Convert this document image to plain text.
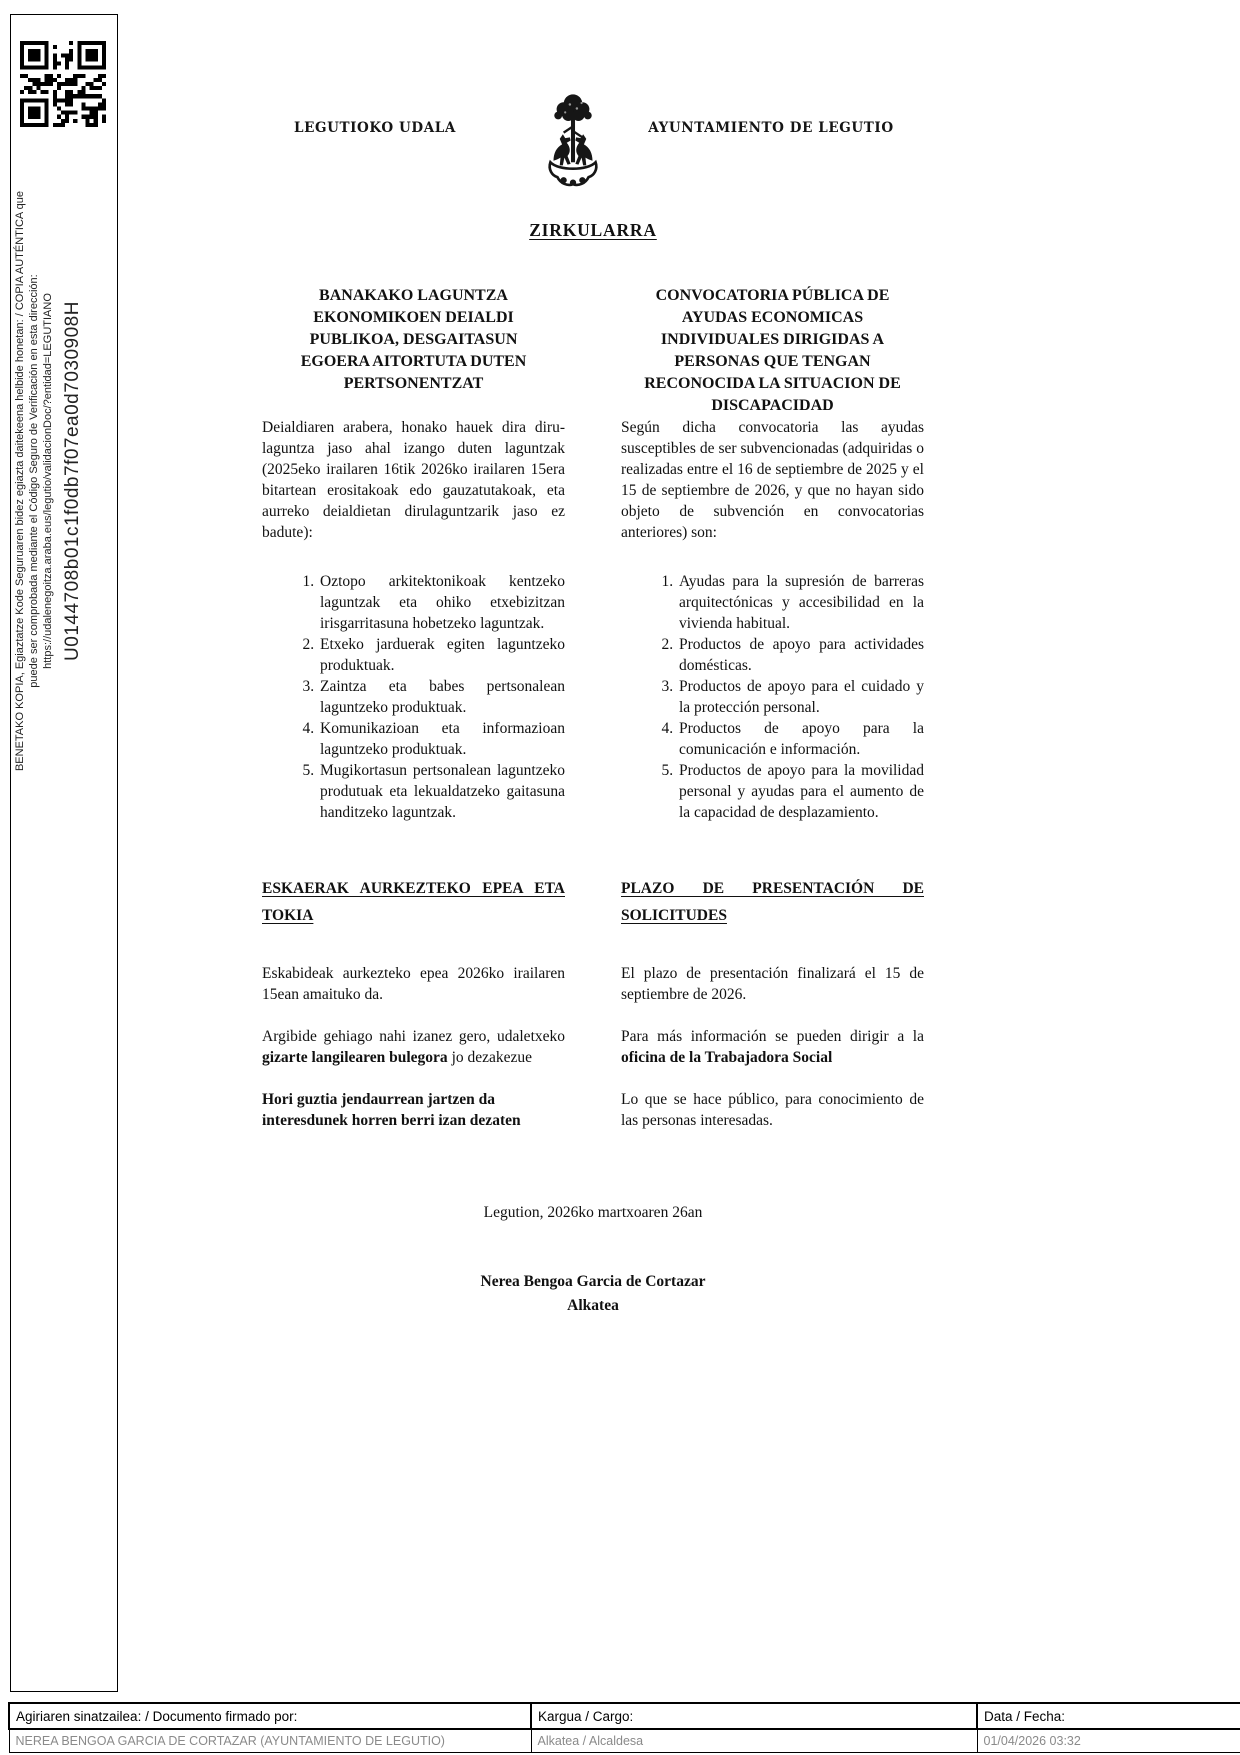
BENETAKO KOPIA, Egiaztatze Kode Seguruaren bidez egiazta daitekeena helbide honetan: / COPIA AUTÉNTICA que puede ser comprobada mediante el Código Seguro de Verificación en esta dirección: https://udalenegoitza.araba.eus/legutio/validacionDoc/?entidad=LEGUTIANO U0144708b01c1f0db7f07ea0d7030908H
LEGUTIOKO UDALA	AYUNTAMIENTO DE LEGUTIO
ZIRKULARRA
BANAKAKO LAGUNTZA EKONOMIKOEN DEIALDI PUBLIKOA, DESGAITASUN EGOERA AITORTUTA DUTEN PERTSONENTZAT

Deialdiaren arabera, honako hauek dira diru-laguntza jaso ahal izango duten laguntzak (2025eko irailaren 16tik 2026ko irailaren 15era bitartean erositakoak edo gauzatutakoak, eta aurreko deialdietan dirulaguntzarik jaso ez badute):

1. Oztopo arkitektonikoak kentzeko laguntzak eta ohiko etxebizitzan irisgarritasuna hobetzeko laguntzak.
2. Etxeko jarduerak egiten laguntzeko produktuak.
3. Zaintza eta babes pertsonalean laguntzeko produktuak.
4. Komunikazioan eta informazioan laguntzeko produktuak.
5. Mugikortasun pertsonalean laguntzeko produtuak eta lekualdatzeko gaitasuna handitzeko laguntzak.
ESKAERAK AURKEZTEKO EPEA ETA TOKIA

Eskabideak aurkezteko epea 2026ko irailaren 15ean amaituko da.

Argibide gehiago nahi izanez gero, udaletxeko gizarte langilearen bulegora jo dezakezue

Hori guztia jendaurrean jartzen da interesdunek horren berri izan dezaten

CONVOCATORIA PÚBLICA DE AYUDAS ECONOMICAS INDIVIDUALES DIRIGIDAS A PERSONAS QUE TENGAN RECONOCIDA LA SITUACION DE DISCAPACIDAD

Según dicha convocatoria las ayudas susceptibles de ser subvencionadas (adquiridas o realizadas entre el 16 de septiembre de 2025 y el 15 de septiembre de 2026, y que no hayan sido objeto de subvención en convocatorias anteriores) son:

1. Ayudas para la supresión de barreras arquitectónicas y accesibilidad en la vivienda habitual.
2. Productos de apoyo para actividades domésticas.
3. Productos de apoyo para el cuidado y la protección personal.
4. Productos de apoyo para la comunicación e información.
5. Productos de apoyo para la movilidad personal y ayudas para el aumento de la capacidad de desplazamiento.
PLAZO DE PRESENTACIÓN DE SOLICITUDES

El plazo de presentación finalizará el 15 de septiembre de 2026.

Para más información se pueden dirigir a la oficina de la Trabajadora Social

Lo que se hace público, para conocimiento de las personas interesadas.

Legution, 2026ko martxoaren 26an
Nerea Bengoa Garcia de Cortazar
Alkatea
Agiriaren sinatzailea: / Documento firmado por:	Kargua / Cargo:	Data / Fecha:
NEREA BENGOA GARCIA DE CORTAZAR (AYUNTAMIENTO DE LEGUTIO)	Alkatea / Alcaldesa	01/04/2026 03:32
